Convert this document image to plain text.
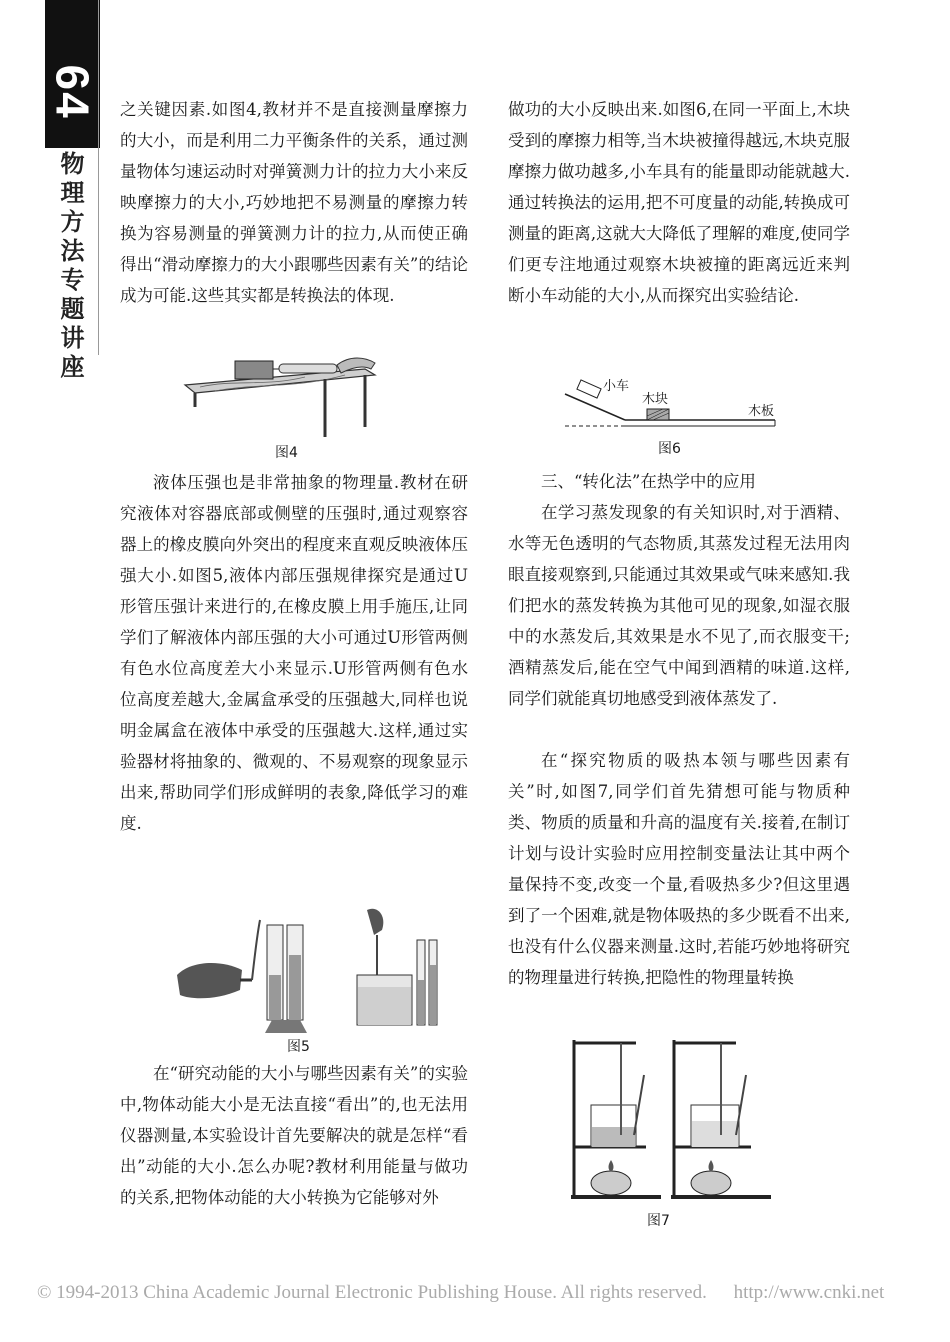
64
物理方法专题讲座

之关键因素.如图4,教材并不是直接测量摩擦力的大小，而是利用二力平衡条件的关系，通过测量物体匀速运动时对弹簧测力计的拉力大小来反映摩擦力的大小,巧妙地把不易测量的摩擦力转换为容易测量的弹簧测力计的拉力,从而使正确得出“滑动摩擦力的大小跟哪些因素有关”的结论成为可能.这些其实都是转换法的体现.

图4

液体压强也是非常抽象的物理量.教材在研究液体对容器底部或侧壁的压强时,通过观察容器上的橡皮膜向外突出的程度来直观反映液体压强大小.如图5,液体内部压强规律探究是通过U形管压强计来进行的,在橡皮膜上用手施压,让同学们了解液体内部压强的大小可通过U形管两侧有色水位高度差大小来显示.U形管两侧有色水位高度差越大,金属盒承受的压强越大,同样也说明金属盒在液体中承受的压强越大.这样,通过实验器材将抽象的、微观的、不易观察的现象显示出来,帮助同学们形成鲜明的表象,降低学习的难度.

图5

在“研究动能的大小与哪些因素有关”的实验中,物体动能大小是无法直接“看出”的,也无法用仪器测量,本实验设计首先要解决的就是怎样“看出”动能的大小.怎么办呢?教材利用能量与做功的关系,把物体动能的大小转换为它能够对外

做功的大小反映出来.如图6,在同一平面上,木块受到的摩擦力相等,当木块被撞得越远,木块克服摩擦力做功越多,小车具有的能量即动能就越大.通过转换法的运用,把不可度量的动能,转换成可测量的距离,这就大大降低了理解的难度,使同学们更专注地通过观察木块被撞的距离远近来判断小车动能的大小,从而探究出实验结论.

小车
木块
木板
图6

三、“转化法”在热学中的应用

在学习蒸发现象的有关知识时,对于酒精、水等无色透明的气态物质,其蒸发过程无法用肉眼直接观察到,只能通过其效果或气味来感知.我们把水的蒸发转换为其他可见的现象,如湿衣服中的水蒸发后,其效果是水不见了,而衣服变干;酒精蒸发后,能在空气中闻到酒精的味道.这样,同学们就能真切地感受到液体蒸发了.

在“探究物质的吸热本领与哪些因素有关”时,如图7,同学们首先猜想可能与物质种类、物质的质量和升高的温度有关.接着,在制订计划与设计实验时应用控制变量法让其中两个量保持不变,改变一个量,看吸热多少?但这里遇到了一个困难,就是物体吸热的多少既看不出来,也没有什么仪器来测量.这时,若能巧妙地将研究的物理量进行转换,把隐性的物理量转换

图7
© 1994-2013 China Academic Journal Electronic Publishing House. All rights reserved. http://www.cnki.net
